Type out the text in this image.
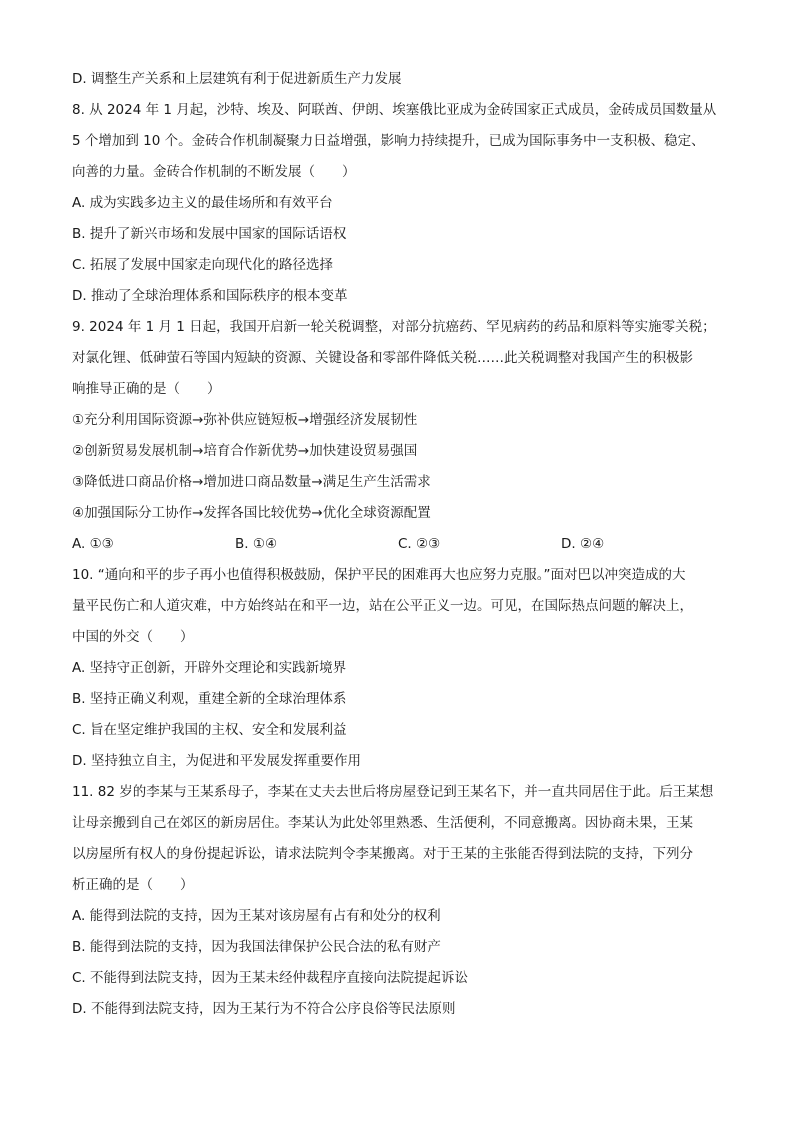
D. 调整生产关系和上层建筑有利于促进新质生产力发展
8. 从 2024 年 1 月起，沙特、埃及、阿联酋、伊朗、埃塞俄比亚成为金砖国家正式成员，金砖成员国数量从
5 个增加到 10 个。金砖合作机制凝聚力日益增强，影响力持续提升，已成为国际事务中一支积极、稳定、
向善的力量。金砖合作机制的不断发展（　　）
A. 成为实践多边主义的最佳场所和有效平台
B. 提升了新兴市场和发展中国家的国际话语权
C. 拓展了发展中国家走向现代化的路径选择
D. 推动了全球治理体系和国际秩序的根本变革
9. 2024 年 1 月 1 日起，我国开启新一轮关税调整，对部分抗癌药、罕见病药的药品和原料等实施零关税；
对氯化锂、低砷萤石等国内短缺的资源、关键设备和零部件降低关税……此关税调整对我国产生的积极影
响推导正确的是（　　）
①充分利用国际资源→弥补供应链短板→增强经济发展韧性
②创新贸易发展机制→培育合作新优势→加快建设贸易强国
③降低进口商品价格→增加进口商品数量→满足生产生活需求
④加强国际分工协作→发挥各国比较优势→优化全球资源配置
A. ①③	B. ①④	C. ②③	D. ②④
10. “通向和平的步子再小也值得积极鼓励，保护平民的困难再大也应努力克服。”面对巴以冲突造成的大
量平民伤亡和人道灾难，中方始终站在和平一边，站在公平正义一边。可见，在国际热点问题的解决上，
中国的外交（　　）
A. 坚持守正创新，开辟外交理论和实践新境界
B. 坚持正确义利观，重建全新的全球治理体系
C. 旨在坚定维护我国的主权、安全和发展利益
D. 坚持独立自主，为促进和平发展发挥重要作用
11. 82 岁的李某与王某系母子，李某在丈夫去世后将房屋登记到王某名下，并一直共同居住于此。后王某想
让母亲搬到自己在郊区的新房居住。李某认为此处邻里熟悉、生活便利，不同意搬离。因协商未果，王某
以房屋所有权人的身份提起诉讼，请求法院判令李某搬离。对于王某的主张能否得到法院的支持，下列分
析正确的是（　　）
A. 能得到法院的支持，因为王某对该房屋有占有和处分的权利
B. 能得到法院的支持，因为我国法律保护公民合法的私有财产
C. 不能得到法院支持，因为王某未经仲裁程序直接向法院提起诉讼
D. 不能得到法院支持，因为王某行为不符合公序良俗等民法原则
